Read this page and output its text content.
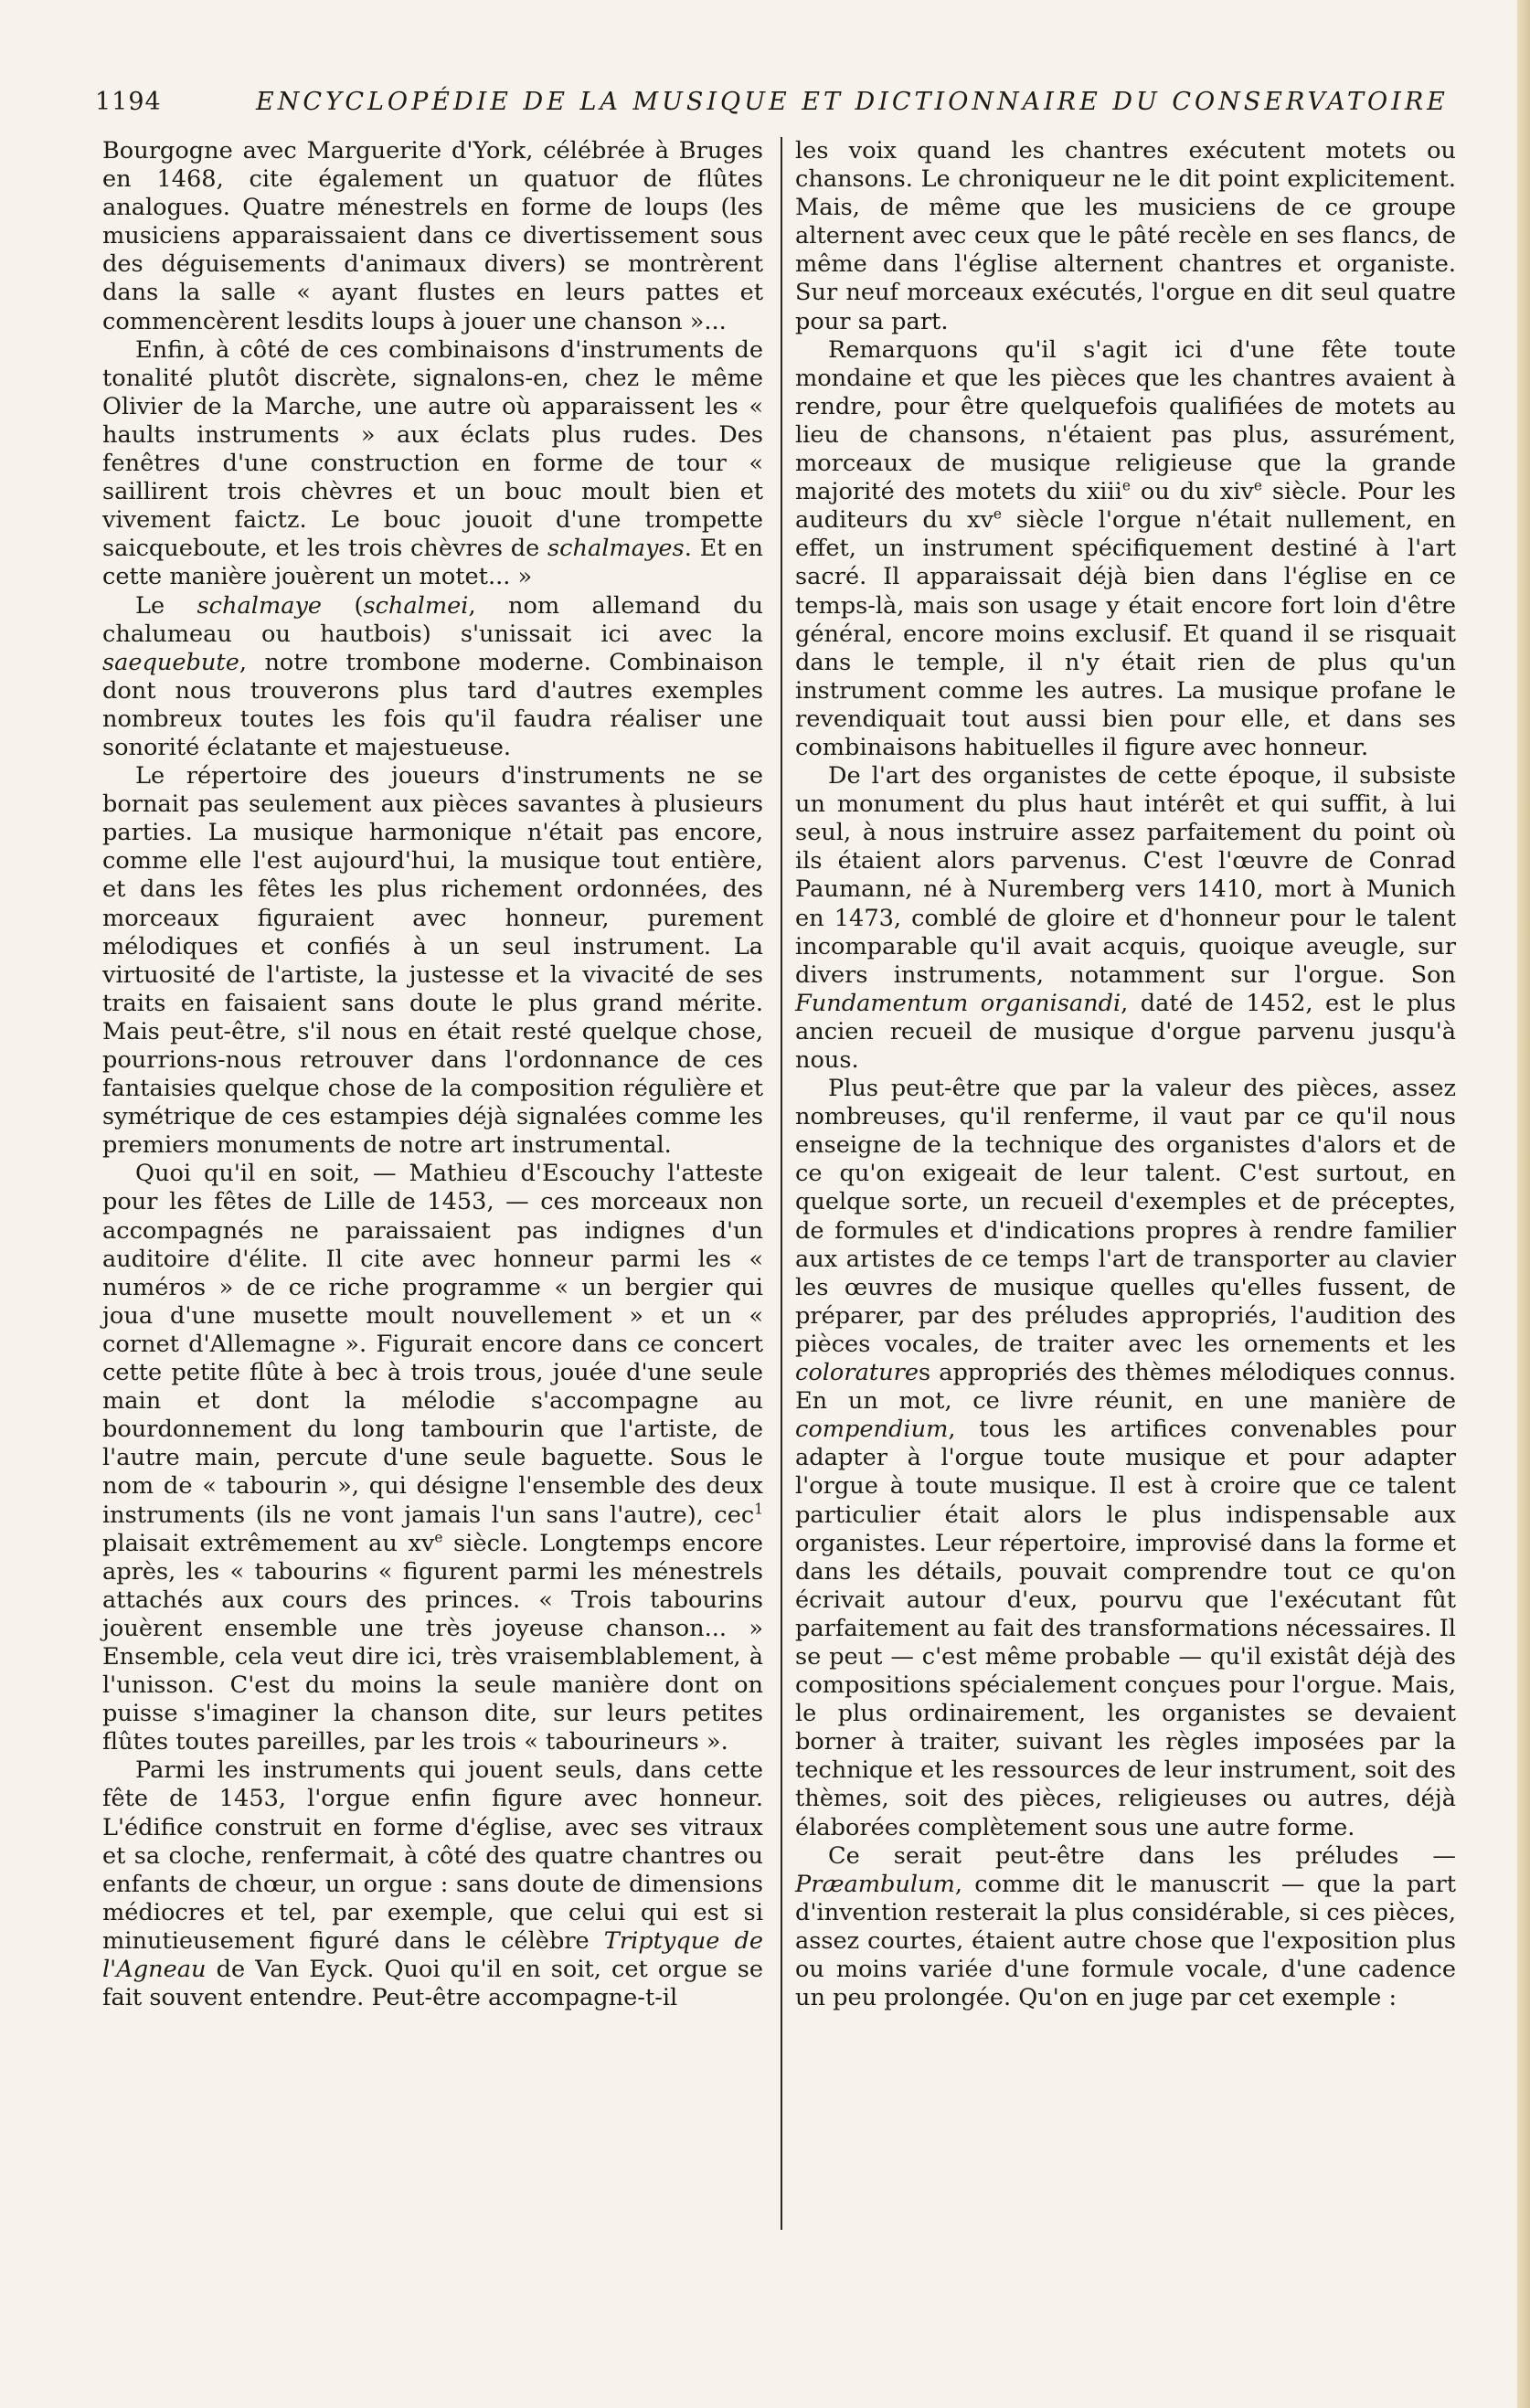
1194	ENCYCLOPÉDIE DE LA MUSIQUE ET DICTIONNAIRE DU CONSERVATOIRE

Bourgogne avec Marguerite d'York, célébrée à Bruges en 1468, cite également un quatuor de flûtes analogues. Quatre ménestrels en forme de loups (les musiciens apparaissaient dans ce divertissement sous des déguisements d'animaux divers) se montrèrent dans la salle « ayant flustes en leurs pattes et commencèrent lesdits loups à jouer une chanson »...

Enfin, à côté de ces combinaisons d'instruments de tonalité plutôt discrète, signalons-en, chez le même Olivier de la Marche, une autre où apparaissent les « haults instruments » aux éclats plus rudes. Des fenêtres d'une construction en forme de tour « saillirent trois chèvres et un bouc moult bien et vivement faictz. Le bouc jouoit d'une trompette saicqueboute, et les trois chèvres de schalmayes. Et en cette manière jouèrent un motet... »

Le schalmaye (schalmei, nom allemand du chalumeau ou hautbois) s'unissait ici avec la saequebute, notre trombone moderne. Combinaison dont nous trouverons plus tard d'autres exemples nombreux toutes les fois qu'il faudra réaliser une sonorité éclatante et majestueuse.

Le répertoire des joueurs d'instruments ne se bornait pas seulement aux pièces savantes à plusieurs parties. La musique harmonique n'était pas encore, comme elle l'est aujourd'hui, la musique tout entière, et dans les fêtes les plus richement ordonnées, des morceaux figuraient avec honneur, purement mélodiques et confiés à un seul instrument. La virtuosité de l'artiste, la justesse et la vivacité de ses traits en faisaient sans doute le plus grand mérite. Mais peut-être, s'il nous en était resté quelque chose, pourrions-nous retrouver dans l'ordonnance de ces fantaisies quelque chose de la composition régulière et symétrique de ces estampies déjà signalées comme les premiers monuments de notre art instrumental.

Quoi qu'il en soit, — Mathieu d'Escouchy l'atteste pour les fêtes de Lille de 1453, — ces morceaux non accompagnés ne paraissaient pas indignes d'un auditoire d'élite. Il cite avec honneur parmi les « numéros » de ce riche programme « un bergier qui joua d'une musette moult nouvellement » et un « cornet d'Allemagne ». Figurait encore dans ce concert cette petite flûte à bec à trois trous, jouée d'une seule main et dont la mélodie s'accompagne au bourdonnement du long tambourin que l'artiste, de l'autre main, percute d'une seule baguette. Sous le nom de « tabourin », qui désigne l'ensemble des deux instruments (ils ne vont jamais l'un sans l'autre), cec$^1$ plaisait extrêmement au $xv^e$ siècle. Longtemps encore après, les « tabourins « figurent parmi les ménestrels attachés aux cours des princes. « Trois tabourins jouèrent ensemble une très joyeuse chanson... » Ensemble, cela veut dire ici, très vraisemblablement, à l'unisson. C'est du moins la seule manière dont on puisse s'imaginer la chanson dite, sur leurs petites flûtes toutes pareilles, par les trois « tabourineurs ».

Parmi les instruments qui jouent seuls, dans cette fête de 1453, l'orgue enfin figure avec honneur. L'édifice construit en forme d'église, avec ses vitraux et sa cloche, renfermait, à côté des quatre chantres ou enfants de chœur, un orgue : sans doute de dimensions médiocres et tel, par exemple, que celui qui est si minutieusement figuré dans le célèbre Triptyque de l'Agneau de Van Eyck. Quoi qu'il en soit, cet orgue se fait souvent entendre. Peut-être accompagne-t-il

les voix quand les chantres exécutent motets ou chansons. Le chroniqueur ne le dit point explicitement. Mais, de même que les musiciens de ce groupe alternent avec ceux que le pâté recèle en ses flancs, de même dans l'église alternent chantres et organiste. Sur neuf morceaux exécutés, l'orgue en dit seul quatre pour sa part.

Remarquons qu'il s'agit ici d'une fête toute mondaine et que les pièces que les chantres avaient à rendre, pour être quelquefois qualifiées de motets au lieu de chansons, n'étaient pas plus, assurément, morceaux de musique religieuse que la grande majorité des motets du xiii$^e$ ou du xiv$^e$ siècle. Pour les auditeurs du $xv^e$ siècle l'orgue n'était nullement, en effet, un instrument spécifiquement destiné à l'art sacré. Il apparaissait déjà bien dans l'église en ce temps-là, mais son usage y était encore fort loin d'être général, encore moins exclusif. Et quand il se risquait dans le temple, il n'y était rien de plus qu'un instrument comme les autres. La musique profane le revendiquait tout aussi bien pour elle, et dans ses combinaisons habituelles il figure avec honneur.

De l'art des organistes de cette époque, il subsiste un monument du plus haut intérêt et qui suffit, à lui seul, à nous instruire assez parfaitement du point où ils étaient alors parvenus. C'est l'œuvre de Conrad Paumann, né à Nuremberg vers 1410, mort à Munich en 1473, comblé de gloire et d'honneur pour le talent incomparable qu'il avait acquis, quoique aveugle, sur divers instruments, notamment sur l'orgue. Son Fundamentum organisandi, daté de 1452, est le plus ancien recueil de musique d'orgue parvenu jusqu'à nous.

Plus peut-être que par la valeur des pièces, assez nombreuses, qu'il renferme, il vaut par ce qu'il nous enseigne de la technique des organistes d'alors et de ce qu'on exigeait de leur talent. C'est surtout, en quelque sorte, un recueil d'exemples et de préceptes, de formules et d'indications propres à rendre familier aux artistes de ce temps l'art de transporter au clavier les œuvres de musique quelles qu'elles fussent, de préparer, par des préludes appropriés, l'audition des pièces vocales, de traiter avec les ornements et les coloratures appropriés des thèmes mélodiques connus. En un mot, ce livre réunit, en une manière de compendium, tous les artifices convenables pour adapter à l'orgue toute musique et pour adapter l'orgue à toute musique. Il est à croire que ce talent particulier était alors le plus indispensable aux organistes. Leur répertoire, improvisé dans la forme et dans les détails, pouvait comprendre tout ce qu'on écrivait autour d'eux, pourvu que l'exécutant fût parfaitement au fait des transformations nécessaires. Il se peut — c'est même probable — qu'il existât déjà des compositions spécialement conçues pour l'orgue. Mais, le plus ordinairement, les organistes se devaient borner à traiter, suivant les règles imposées par la technique et les ressources de leur instrument, soit des thèmes, soit des pièces, religieuses ou autres, déjà élaborées complètement sous une autre forme.

Ce serait peut-être dans les préludes — Præambulum, comme dit le manuscrit — que la part d'invention resterait la plus considérable, si ces pièces, assez courtes, étaient autre chose que l'exposition plus ou moins variée d'une formule vocale, d'une cadence un peu prolongée. Qu'on en juge par cet exemple :
